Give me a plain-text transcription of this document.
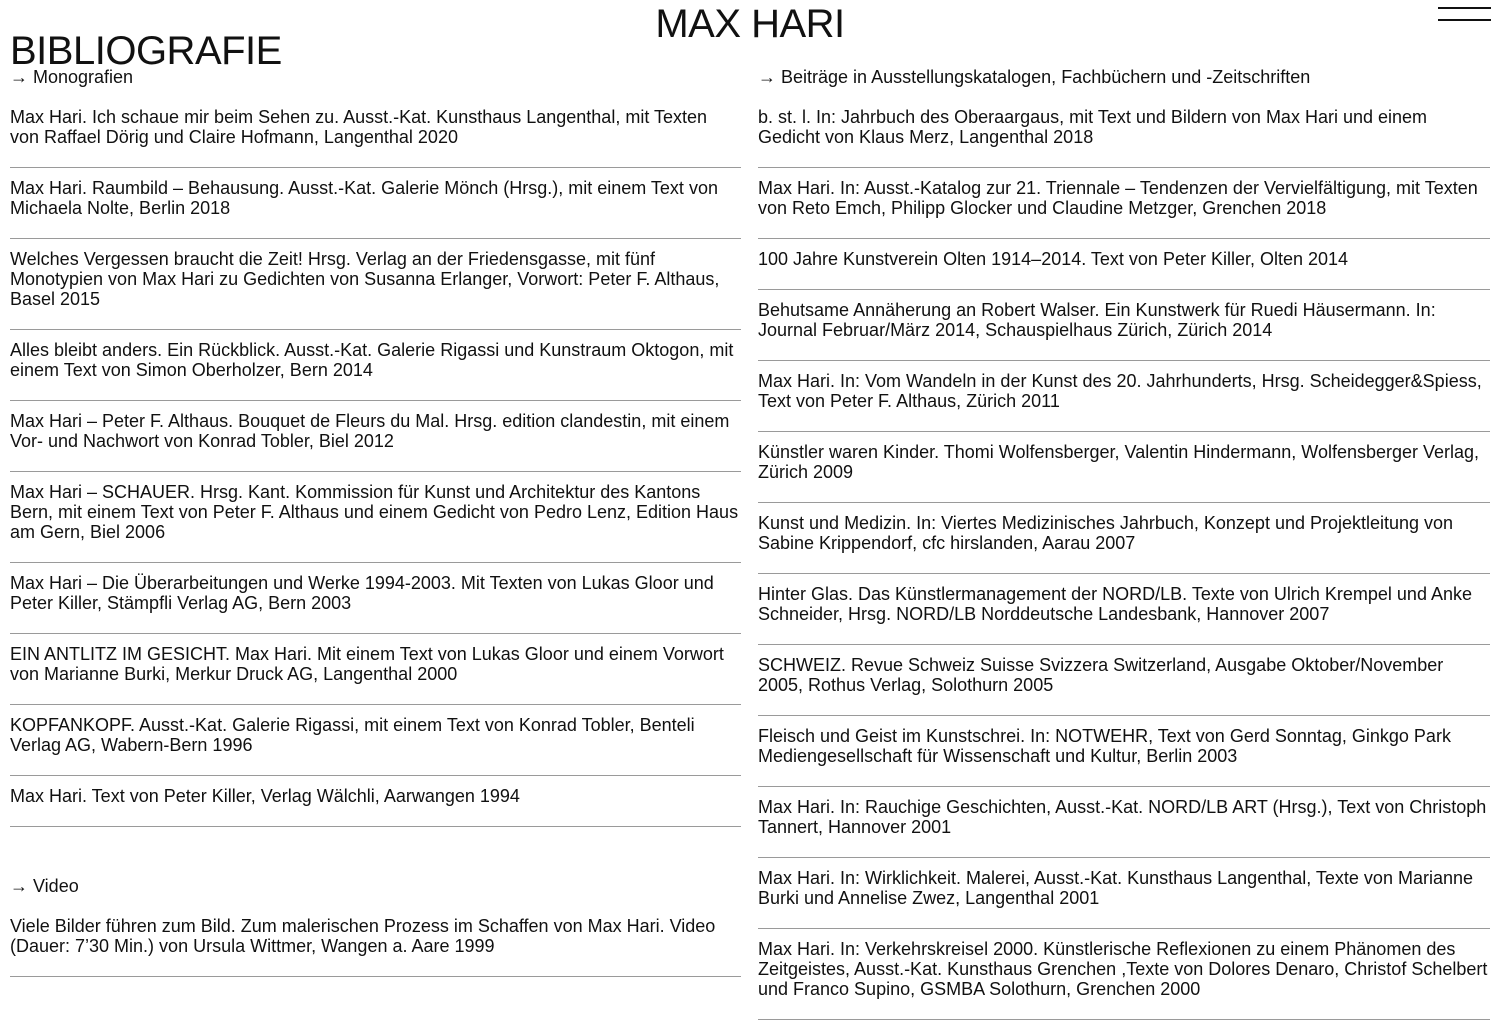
BIBLIOGRAFIE
MAX HARI
→ Monografien
Max Hari. Ich schaue mir beim Sehen zu. Ausst.-Kat. Kunsthaus Langenthal, mit Texten von Raffael Dörig und Claire Hofmann, Langenthal 2020
Max Hari. Raumbild – Behausung. Ausst.-Kat. Galerie Mönch (Hrsg.), mit einem Text von Michaela Nolte, Berlin 2018
Welches Vergessen braucht die Zeit! Hrsg. Verlag an der Friedensgasse, mit fünf Monotypien von Max Hari zu Gedichten von Susanna Erlanger, Vorwort: Peter F. Althaus, Basel 2015
Alles bleibt anders. Ein Rückblick. Ausst.-Kat. Galerie Rigassi und Kunstraum Oktogon, mit einem Text von Simon Oberholzer, Bern 2014
Max Hari – Peter F. Althaus. Bouquet de Fleurs du Mal. Hrsg. edition clandestin, mit einem Vor- und Nachwort von Konrad Tobler, Biel 2012
Max Hari – SCHAUER. Hrsg. Kant. Kommission für Kunst und Architektur des Kantons Bern, mit einem Text von Peter F. Althaus und einem Gedicht von Pedro Lenz, Edition Haus am Gern, Biel 2006
Max Hari – Die Überarbeitungen und Werke 1994-2003. Mit Texten von Lukas Gloor und Peter Killer, Stämpfli Verlag AG, Bern 2003
EIN ANTLITZ IM GESICHT. Max Hari. Mit einem Text von Lukas Gloor und einem Vorwort von Marianne Burki, Merkur Druck AG, Langenthal 2000
KOPFANKOPF. Ausst.-Kat. Galerie Rigassi, mit einem Text von Konrad Tobler, Benteli Verlag AG, Wabern-Bern 1996
Max Hari. Text von Peter Killer, Verlag Wälchli, Aarwangen 1994
→ Video
Viele Bilder führen zum Bild. Zum malerischen Prozess im Schaffen von Max Hari. Video (Dauer: 7’30 Min.) von Ursula Wittmer, Wangen a. Aare 1999
→ Beiträge in Ausstellungskatalogen, Fachbüchern und -Zeitschriften
b. st. l. In: Jahrbuch des Oberaargaus, mit Text und Bildern von Max Hari und einem Gedicht von Klaus Merz, Langenthal 2018
Max Hari. In: Ausst.-Katalog zur 21. Triennale – Tendenzen der Vervielfältigung, mit Texten von Reto Emch, Philipp Glocker und Claudine Metzger, Grenchen 2018
100 Jahre Kunstverein Olten 1914–2014. Text von Peter Killer, Olten 2014
Behutsame Annäherung an Robert Walser. Ein Kunstwerk für Ruedi Häusermann. In: Journal Februar/März 2014, Schauspielhaus Zürich, Zürich 2014
Max Hari. In: Vom Wandeln in der Kunst des 20. Jahrhunderts, Hrsg. Scheidegger&Spiess, Text von Peter F. Althaus, Zürich 2011
Künstler waren Kinder. Thomi Wolfensberger, Valentin Hindermann, Wolfensberger Verlag, Zürich 2009
Kunst und Medizin. In: Viertes Medizinisches Jahrbuch, Konzept und Projektleitung von Sabine Krippendorf, cfc hirslanden, Aarau 2007
Hinter Glas. Das Künstlermanagement der NORD/LB. Texte von Ulrich Krempel und Anke Schneider, Hrsg. NORD/LB Norddeutsche Landesbank, Hannover 2007
SCHWEIZ. Revue Schweiz Suisse Svizzera Switzerland, Ausgabe Oktober/November 2005, Rothus Verlag, Solothurn 2005
Fleisch und Geist im Kunstschrei. In: NOTWEHR, Text von Gerd Sonntag, Ginkgo Park Mediengesellschaft für Wissenschaft und Kultur, Berlin 2003
Max Hari. In: Rauchige Geschichten, Ausst.-Kat. NORD/LB ART (Hrsg.), Text von Christoph Tannert, Hannover 2001
Max Hari. In: Wirklichkeit. Malerei, Ausst.-Kat. Kunsthaus Langenthal, Texte von Marianne Burki und Annelise Zwez, Langenthal 2001
Max Hari. In: Verkehrskreisel 2000. Künstlerische Reflexionen zu einem Phänomen des Zeitgeistes, Ausst.-Kat. Kunsthaus Grenchen ,Texte von Dolores Denaro, Christof Schelbert und Franco Supino, GSMBA Solothurn, Grenchen 2000
